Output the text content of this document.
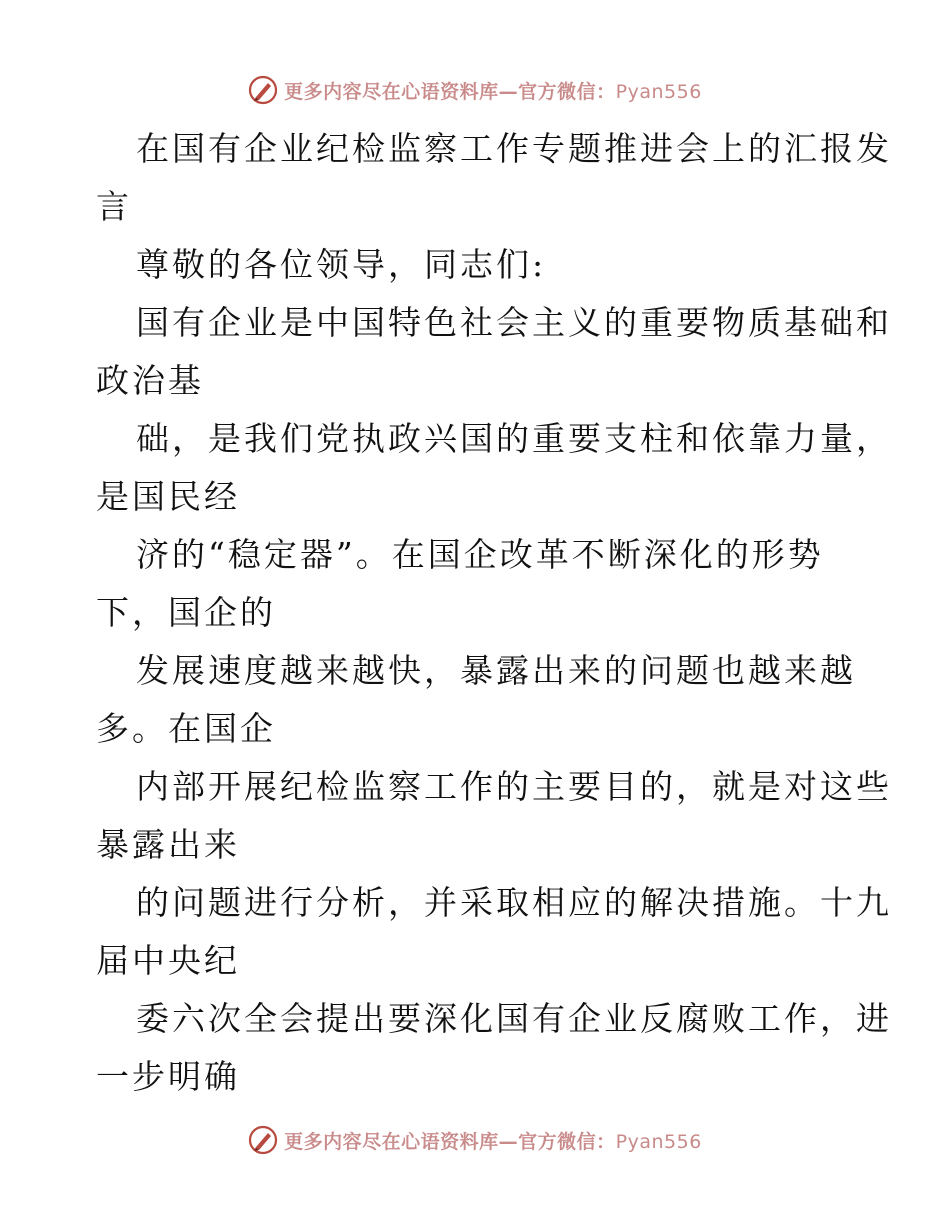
更多内容尽在心语资料库—官方微信：Pyan556
在国有企业纪检监察工作专题推进会上的汇报发
言
尊敬的各位领导，同志们:
国有企业是中国特色社会主义的重要物质基础和
政治基
础，是我们党执政兴国的重要支柱和依靠力量，
是国民经
济的“稳定器”。在国企改革不断深化的形势
下，国企的
发展速度越来越快，暴露出来的问题也越来越
多。在国企
内部开展纪检监察工作的主要目的，就是对这些
暴露出来
的问题进行分析，并采取相应的解决措施。十九
届中央纪
委六次全会提出要深化国有企业反腐败工作，进
一步明确
更多内容尽在心语资料库—官方微信：Pyan556
